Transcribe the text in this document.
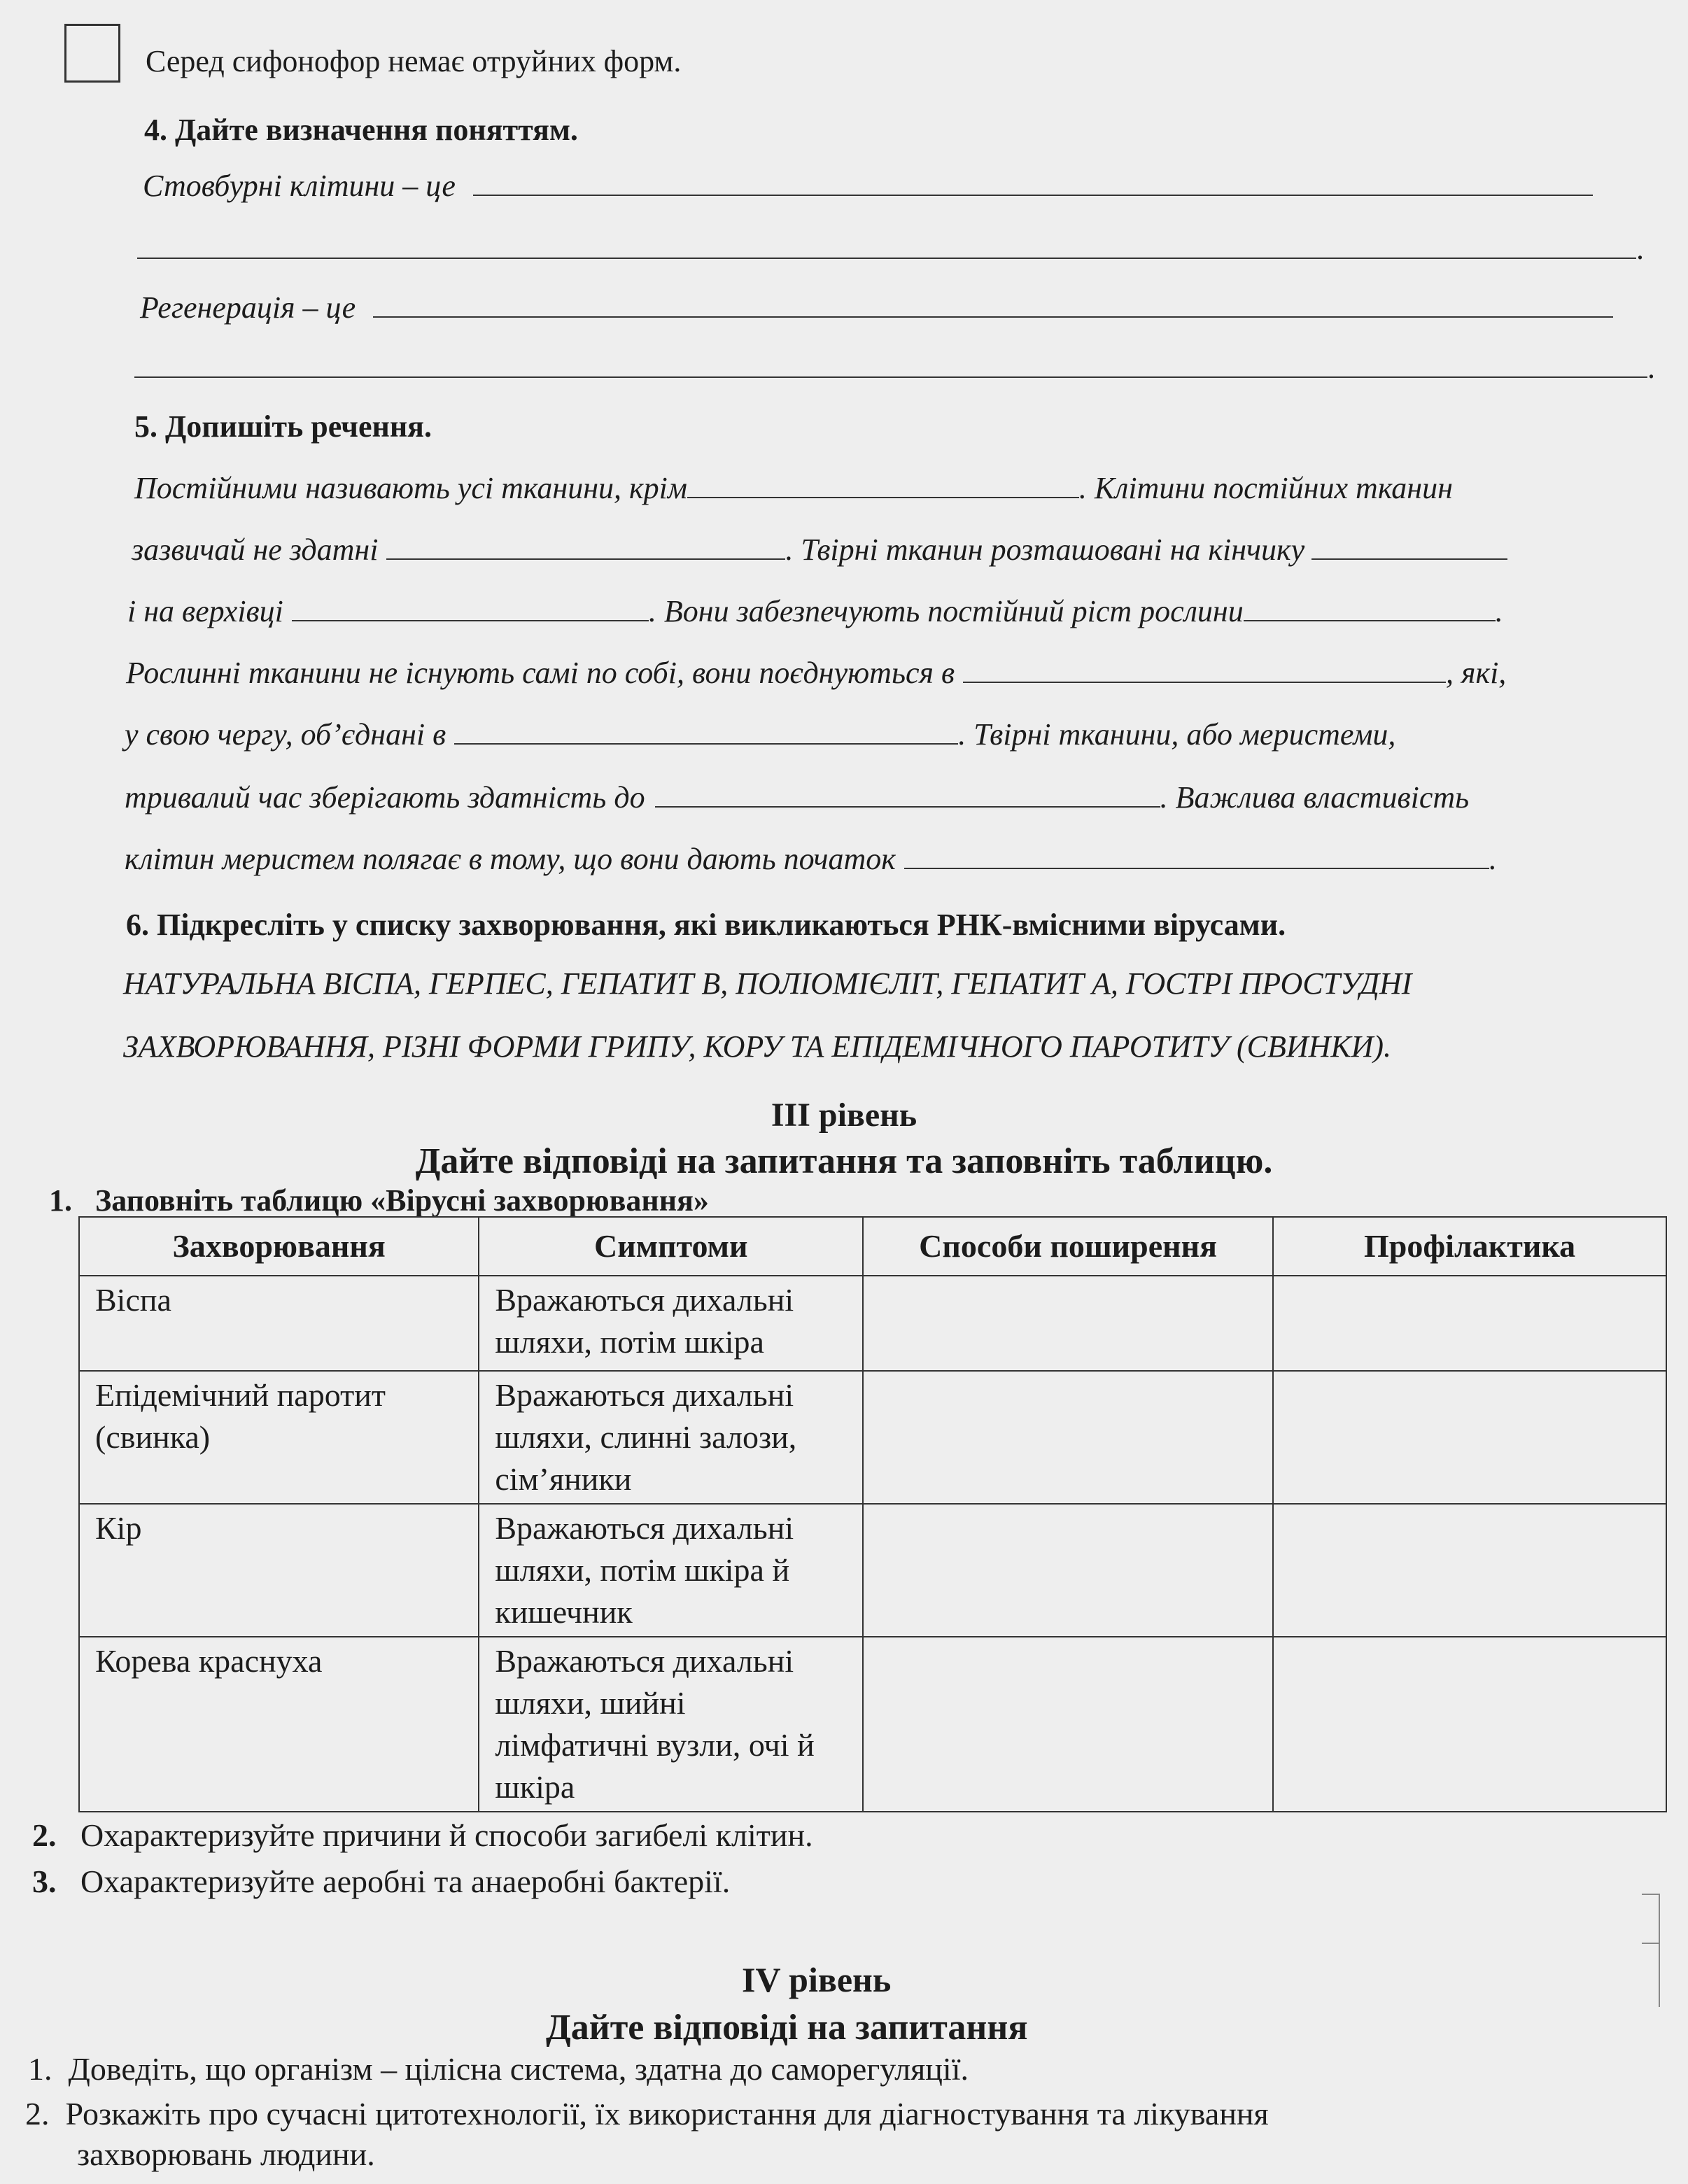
Серед сифонофор немає отруйних форм.
4. Дайте визначення поняттям.
Стовбурні клітини – це
.
Регенерація – це
.
5. Допишіть речення.
Постійними називають усі тканини, крім	. Клітини постійних тканин
зазвичай не здатні	. Твірні тканин розташовані на кінчику
і на верхівці	. Вони забезпечують постійний ріст рослини	.
Рослинні тканини не існують самі по собі, вони поєднуються в	, які,
у свою чергу, об’єднані в	. Твірні тканини, або меристеми,
тривалий час зберігають здатність до	. Важлива властивість
клітин меристем полягає в тому, що вони дають початок	.
6. Підкресліть у списку захворювання, які викликаються РНК-вмісними вірусами.
НАТУРАЛЬНА ВІСПА, ГЕРПЕС, ГЕПАТИТ В, ПОЛІОМІЄЛІТ, ГЕПАТИТ А, ГОСТРІ ПРОСТУДНІ
ЗАХВОРЮВАННЯ, РІЗНІ ФОРМИ ГРИПУ, КОРУ ТА ЕПІДЕМІЧНОГО ПАРОТИТУ (СВИНКИ).
ІІІ рівень
Дайте відповіді на запитання та заповніть таблицю.
1. Заповніть таблицю «Вірусні захворювання»
Захворювання	Симптоми	Способи поширення	Профілактика
Віспа	Вражаються дихальні шляхи, потім шкіра		
Епідемічний паротит (свинка)	Вражаються дихальні шляхи, слинні залози, сім’яники		
Кір	Вражаються дихальні шляхи, потім шкіра й кишечник		
Корева краснуха	Вражаються дихальні шляхи, шийні лімфатичні вузли, очі й шкіра		
2. Охарактеризуйте причини й способи загибелі клітин.
3. Охарактеризуйте аеробні та анаеробні бактерії.
IV рівень
Дайте відповіді на запитання
1. Доведіть, що організм – цілісна система, здатна до саморегуляції.
2. Розкажіть про сучасні цитотехнології, їх використання для діагностування та лікування
захворювань людини.
